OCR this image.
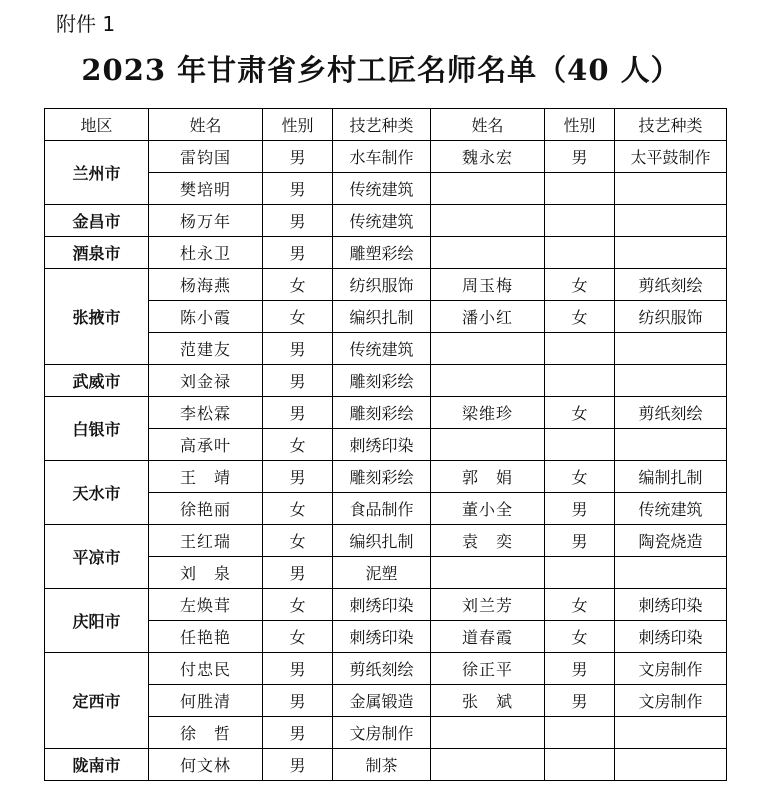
附件 1
2023 年甘肃省乡村工匠名师名单（40 人）
地区	姓名	性别	技艺种类	姓名	性别	技艺种类
兰州市	雷钧国	男	水车制作	魏永宏	男	太平鼓制作
	樊培明	男	传统建筑			
金昌市	杨万年	男	传统建筑			
酒泉市	杜永卫	男	雕塑彩绘			
张掖市	杨海燕	女	纺织服饰	周玉梅	女	剪纸刻绘
	陈小霞	女	编织扎制	潘小红	女	纺织服饰
	范建友	男	传统建筑			
武威市	刘金禄	男	雕刻彩绘			
白银市	李松霖	男	雕刻彩绘	梁维珍	女	剪纸刻绘
	高承叶	女	刺绣印染			
天水市	王　靖	男	雕刻彩绘	郭　娟	女	编制扎制
	徐艳丽	女	食品制作	董小全	男	传统建筑
平凉市	王红瑞	女	编织扎制	袁　奕	男	陶瓷烧造
	刘　泉	男	泥塑			
庆阳市	左焕茸	女	刺绣印染	刘兰芳	女	刺绣印染
	任艳艳	女	刺绣印染	道春霞	女	刺绣印染
定西市	付忠民	男	剪纸刻绘	徐正平	男	文房制作
	何胜清	男	金属锻造	张　斌	男	文房制作
	徐　哲	男	文房制作			
陇南市	何文林	男	制茶			
